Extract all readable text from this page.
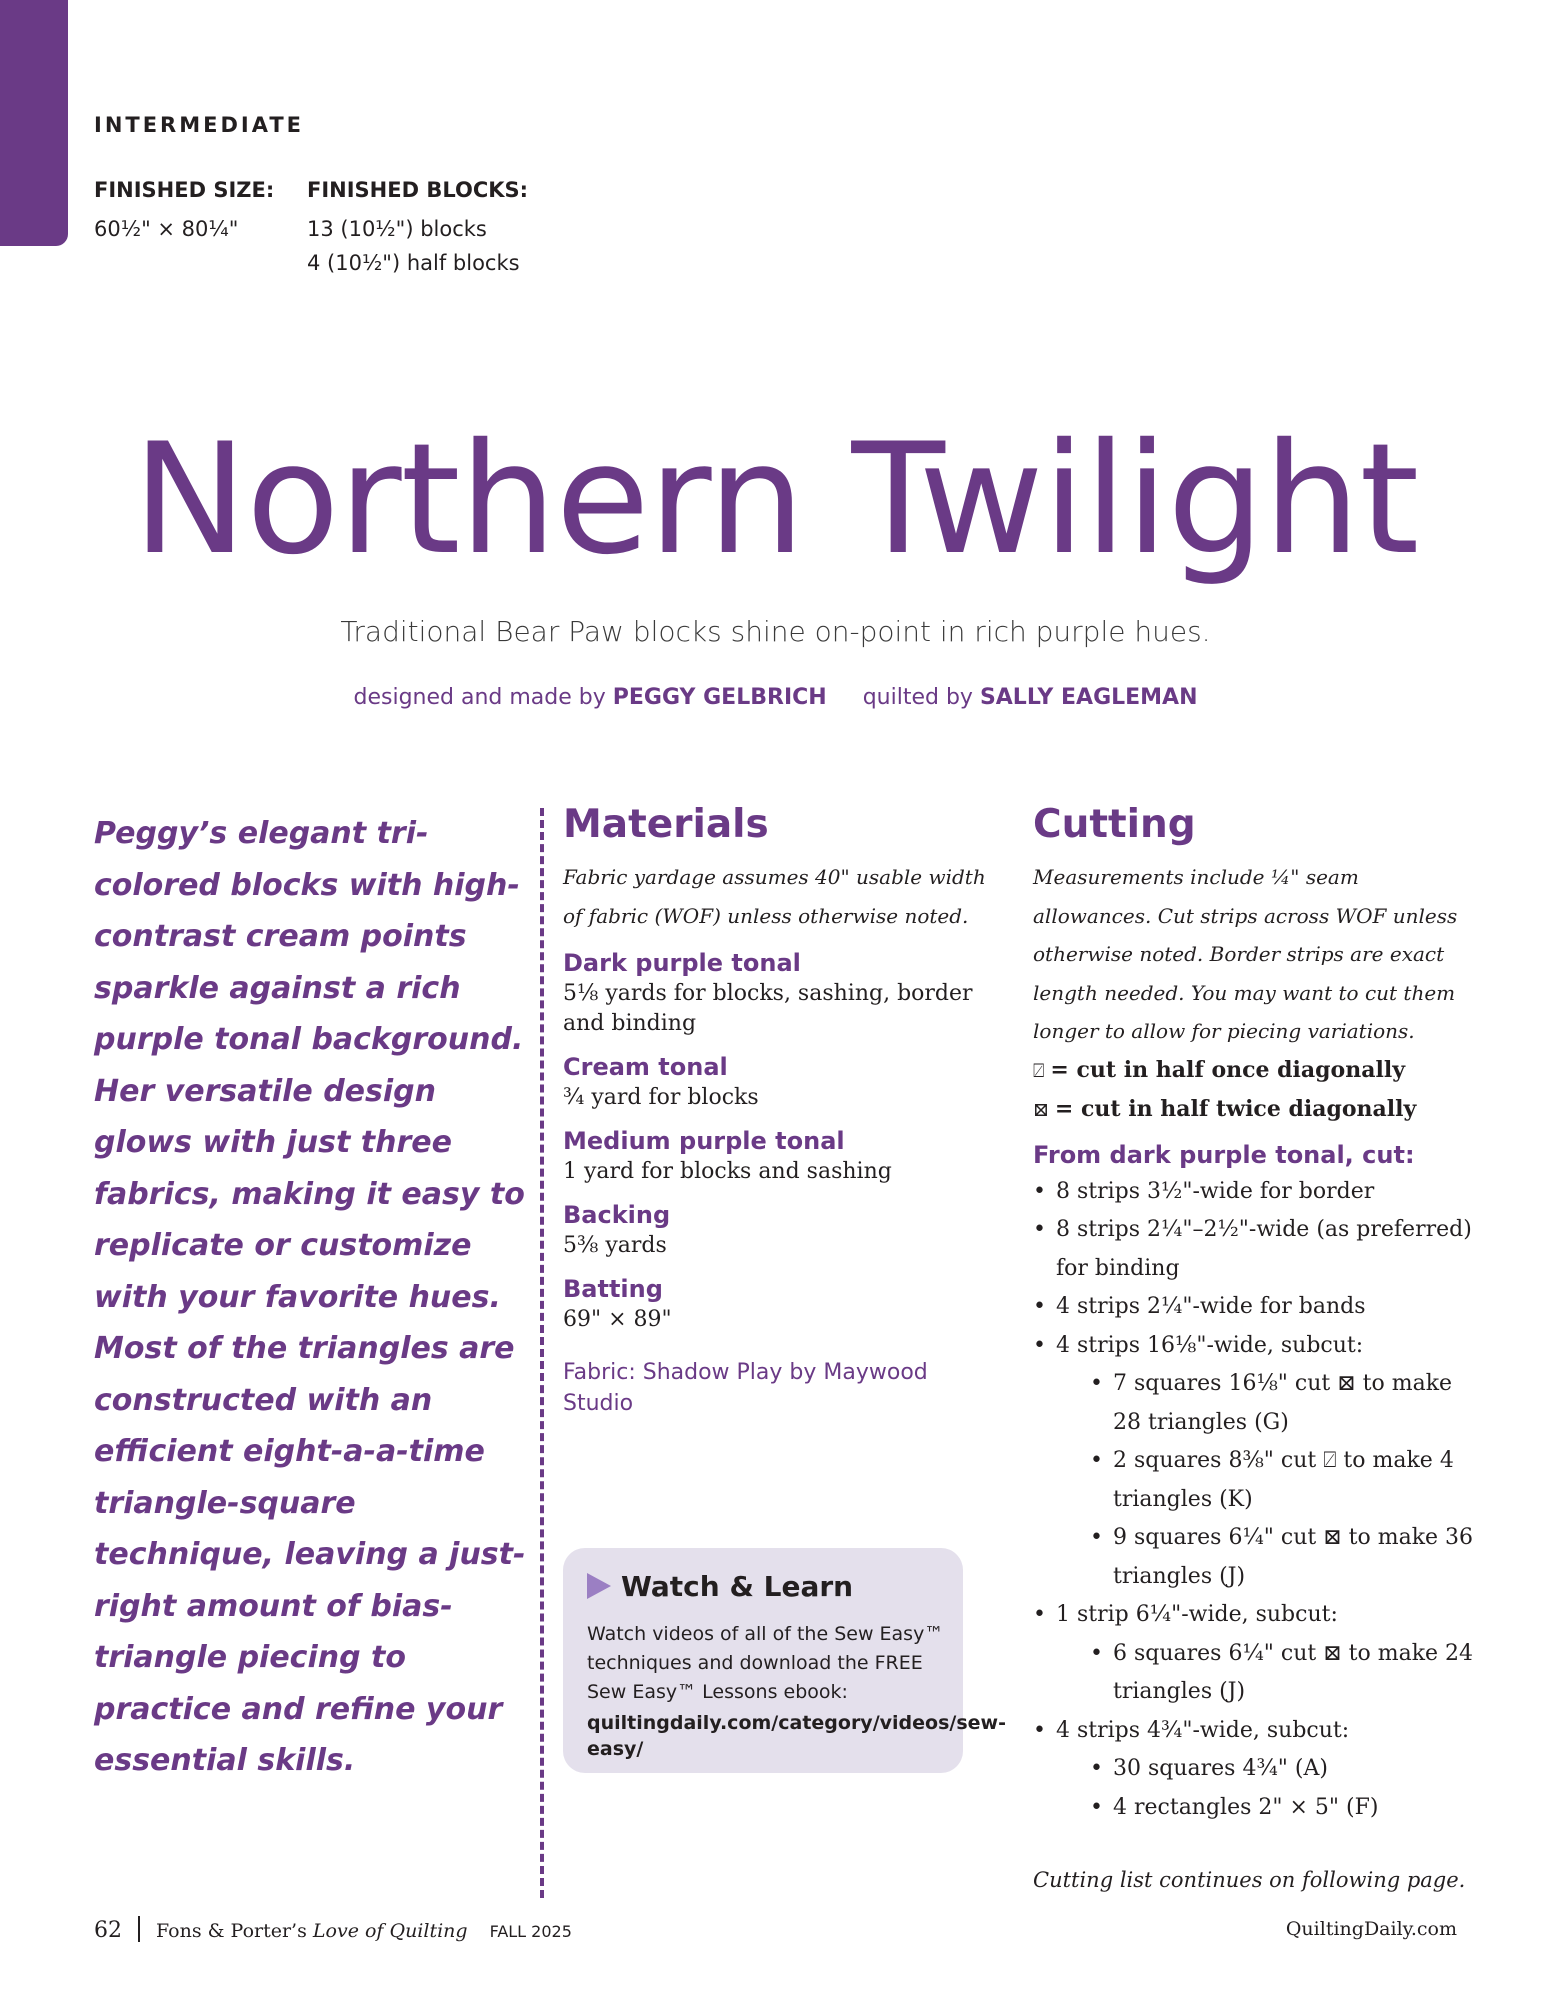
INTERMEDIATE
FINISHED SIZE:
60½" × 80¼"
FINISHED BLOCKS:
13 (10½") blocks
4 (10½") half blocks
Northern Twilight
Traditional Bear Paw blocks shine on-point in rich purple hues.
designed and made by PEGGY GELBRICH quilted by SALLY EAGLEMAN
Peggy’s elegant tri-colored blocks with high-contrast cream points sparkle against a rich purple tonal background. Her versatile design glows with just three fabrics, making it easy to replicate or customize with your favorite hues. Most of the triangles are constructed with an efficient eight-a-a-time triangle-square technique, leaving a just-right amount of bias-triangle piecing to practice and refine your essential skills.
Materials
Fabric yardage assumes 40" usable width of fabric (WOF) unless otherwise noted.
Dark purple tonal
5⅛ yards for blocks, sashing, border and binding
Cream tonal
¾ yard for blocks
Medium purple tonal
1 yard for blocks and sashing
Backing
5⅜ yards
Batting
69" × 89"
Fabric: Shadow Play by Maywood Studio
Watch & Learn
Watch videos of all of the Sew Easy™ techniques and download the FREE Sew Easy™ Lessons ebook:
quiltingdaily.com/category/videos/sew-easy/
Cutting
Measurements include ¼" seam allowances. Cut strips across WOF unless otherwise noted. Border strips are exact length needed. You may want to cut them longer to allow for piecing variations.
⍁ = cut in half once diagonally
⊠ = cut in half twice diagonally
From dark purple tonal, cut:
• 8 strips 3½"-wide for border
• 8 strips 2¼"–2½"-wide (as preferred) for binding
• 4 strips 2¼"-wide for bands
• 4 strips 16⅛"-wide, subcut:
• 7 squares 16⅛" cut ⊠ to make 28 triangles (G)
• 2 squares 8⅜" cut ⍁ to make 4 triangles (K)
• 9 squares 6¼" cut ⊠ to make 36 triangles (J)
• 1 strip 6¼"-wide, subcut:
• 6 squares 6¼" cut ⊠ to make 24 triangles (J)
• 4 strips 4¾"-wide, subcut:
• 30 squares 4¾" (A)
• 4 rectangles 2" × 5" (F)
Cutting list continues on following page.
62 Fons & Porter’s Love of Quilting FALL 2025	QuiltingDaily.com
